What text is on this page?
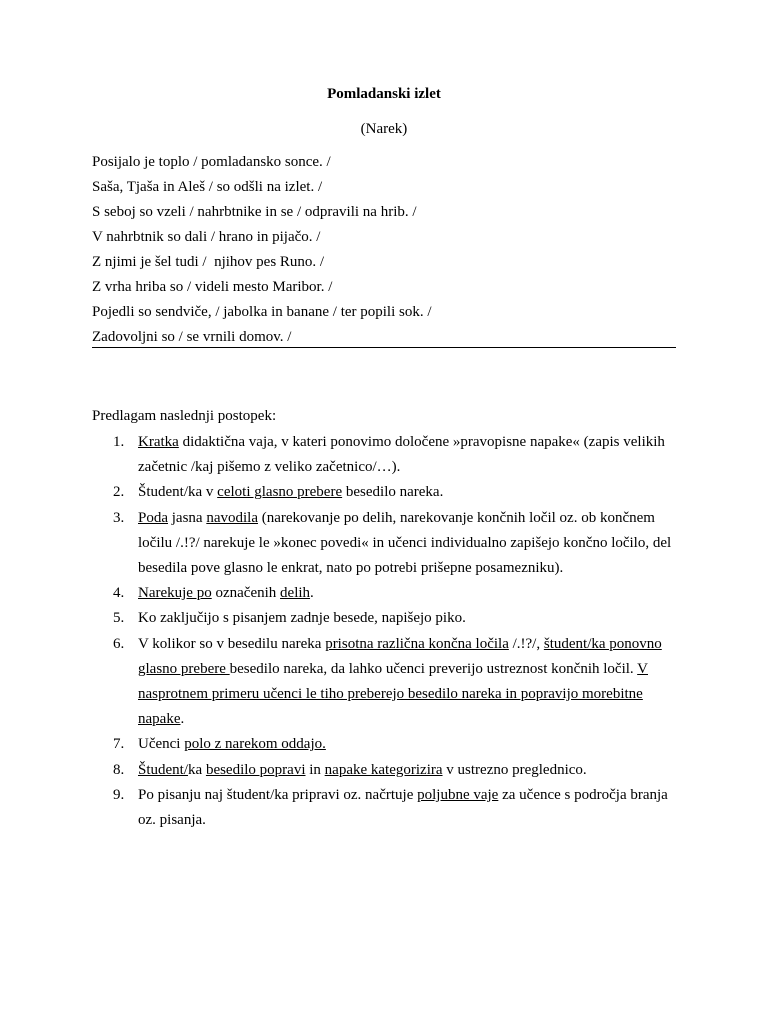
Pomladanski izlet
(Narek)
Posijalo je toplo / pomladansko sonce. /
Saša, Tjaša in Aleš / so odšli na izlet. /
S seboj so vzeli / nahrbtnike in se / odpravili na hrib. /
V nahrbtnik so dali / hrano in pijačo. /
Z njimi je šel tudi /  njihov pes Runo. /
Z vrha hriba so / videli mesto Maribor. /
Pojedli so sendviče, / jabolka in banane / ter popili sok. /
Zadovoljni so / se vrnili domov. /
Predlagam naslednji postopek:
1. Kratka didaktična vaja, v kateri ponovimo določene »pravopisne napake« (zapis velikih začetnic /kaj pišemo z veliko začetnico/…).
2. Študent/ka v celoti glasno prebere besedilo nareka.
3. Poda jasna navodila (narekovanje po delih, narekovanje končnih ločil oz. ob končnem ločilu /.!?/ narekuje le »konec povedi« in učenci individualno zapišejo končno ločilo, del besedila pove glasno le enkrat, nato po potrebi prišepne posamezniku).
4. Narekuje po označenih delih.
5. Ko zaključijo s pisanjem zadnje besede, napišejo piko.
6. V kolikor so v besedilu nareka prisotna različna končna ločila /.!?/, študent/ka ponovno glasno prebere besedilo nareka, da lahko učenci preverijo ustreznost končnih ločil. V nasprotnem primeru učenci le tiho preberejo besedilo nareka in popravijo morebitne napake.
7. Učenci polo z narekom oddajo.
8. Študent/ka besedilo popravi in napake kategorizira v ustrezno preglednico.
9. Po pisanju naj študent/ka pripravi oz. načrtuje poljubne vaje za učence s področja branja oz. pisanja.
